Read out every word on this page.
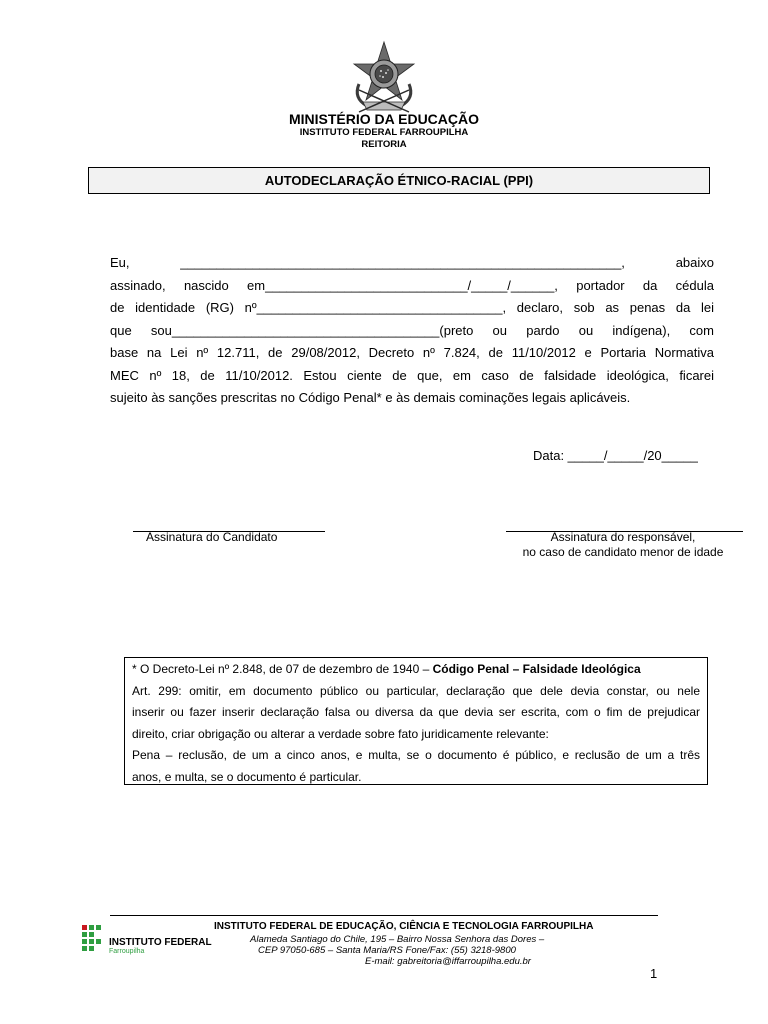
MINISTÉRIO DA EDUCAÇÃO
INSTITUTO FEDERAL FARROUPILHA
REITORIA
AUTODECLARAÇÃO ÉTNICO-RACIAL (PPI)
Eu, _____________________________________________________________, abaixo
assinado, nascido em____________________________/_____/______, portador da cédula
de identidade (RG) nº__________________________________, declaro, sob as penas da lei
que sou_____________________________________(preto ou pardo ou indígena), com
base na Lei nº 12.711, de 29/08/2012, Decreto nº 7.824, de 11/10/2012 e Portaria Normativa
MEC nº 18, de 11/10/2012. Estou ciente de que, em caso de falsidade ideológica, ficarei
sujeito às sanções prescritas no Código Penal* e às demais cominações legais aplicáveis.
Data: _____/_____/20_____
Assinatura do Candidato	Assinatura do responsável,
no caso de candidato menor de idade
* O Decreto-Lei nº 2.848, de 07 de dezembro de 1940 – Código Penal – Falsidade Ideológica
Art. 299: omitir, em documento público ou particular, declaração que dele devia constar, ou nele
inserir ou fazer inserir declaração falsa ou diversa da que devia ser escrita, com o fim de prejudicar
direito, criar obrigação ou alterar a verdade sobre fato juridicamente relevante:
Pena – reclusão, de um a cinco anos, e multa, se o documento é público, e reclusão de um a três
anos, e multa, se o documento é particular.
INSTITUTO FEDERAL
Farroupilha
INSTITUTO FEDERAL DE EDUCAÇÃO, CIÊNCIA E TECNOLOGIA FARROUPILHA
Alameda Santiago do Chile, 195 – Bairro Nossa Senhora das Dores –
CEP 97050-685 – Santa Maria/RS Fone/Fax: (55) 3218-9800
E-mail: gabreitoria@iffarroupilha.edu.br
1
